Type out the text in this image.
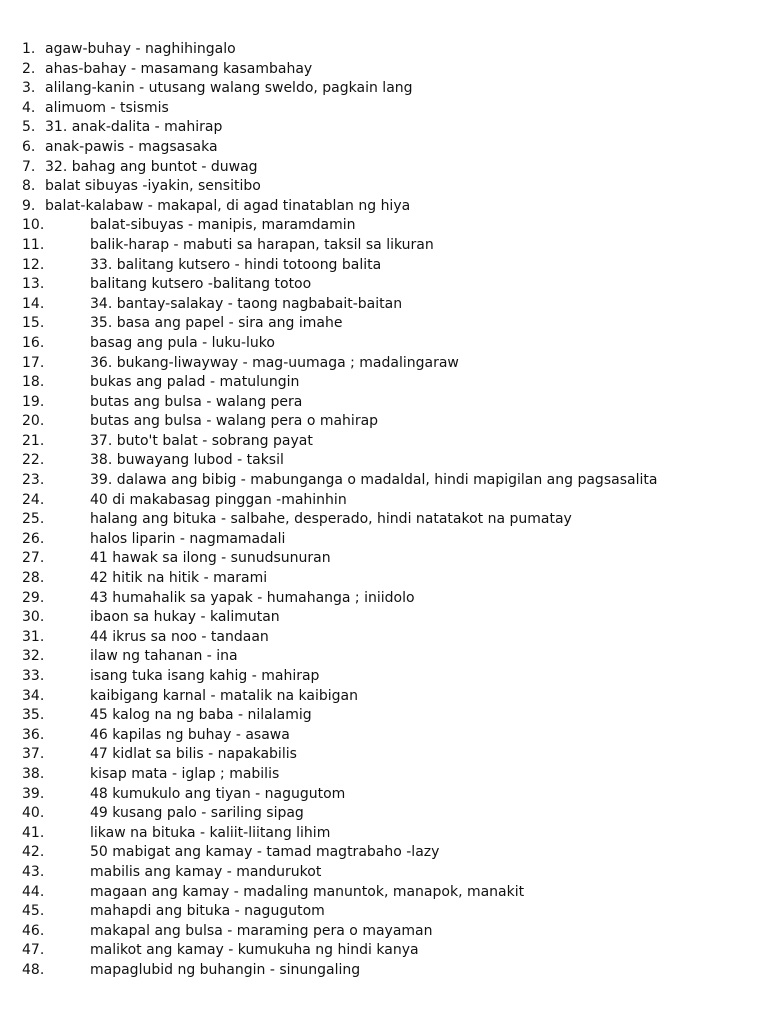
1. agaw-buhay - naghihingalo
2. ahas-bahay - masamang kasambahay
3. alilang-kanin - utusang walang sweldo, pagkain lang
4. alimuom - tsismis
5. 31. anak-dalita - mahirap
6. anak-pawis - magsasaka
7. 32. bahag ang buntot - duwag
8. balat sibuyas -iyakin, sensitibo
9. balat-kalabaw - makapal, di agad tinatablan ng hiya
10.	balat-sibuyas - manipis, maramdamin
11.	balik-harap - mabuti sa harapan, taksil sa likuran
12.	33. balitang kutsero - hindi totoong balita
13.	balitang kutsero -balitang totoo
14.	34. bantay-salakay - taong nagbabait-baitan
15.	35. basa ang papel - sira ang imahe
16.	basag ang pula - luku-luko
17.	36. bukang-liwayway - mag-uumaga ; madalingaraw
18.	bukas ang palad - matulungin
19.	butas ang bulsa - walang pera
20.	butas ang bulsa - walang pera o mahirap
21.	37. buto't balat - sobrang payat
22.	38. buwayang lubod - taksil
23.	39. dalawa ang bibig - mabunganga o madaldal, hindi mapigilan ang pagsasalita
24.	40 di makabasag pinggan -mahinhin
25.	halang ang bituka - salbahe, desperado, hindi natatakot na pumatay
26.	halos liparin - nagmamadali
27.	41 hawak sa ilong - sunudsunuran
28.	42 hitik na hitik - marami
29.	43 humahalik sa yapak - humahanga ; iniidolo
30.	ibaon sa hukay - kalimutan
31.	44 ikrus sa noo - tandaan
32.	ilaw ng tahanan - ina
33.	isang tuka isang kahig - mahirap
34.	kaibigang karnal - matalik na kaibigan
35.	45 kalog na ng baba - nilalamig
36.	46 kapilas ng buhay - asawa
37.	47 kidlat sa bilis - napakabilis
38.	kisap mata - iglap ; mabilis
39.	48 kumukulo ang tiyan - nagugutom
40.	49 kusang palo - sariling sipag
41.	likaw na bituka - kaliit-liitang lihim
42.	50 mabigat ang kamay - tamad magtrabaho -lazy
43.	mabilis ang kamay - mandurukot
44.	magaan ang kamay - madaling manuntok, manapok, manakit
45.	mahapdi ang bituka - nagugutom
46.	makapal ang bulsa - maraming pera o mayaman
47.	malikot ang kamay - kumukuha ng hindi kanya
48.	mapaglubid ng buhangin - sinungaling
